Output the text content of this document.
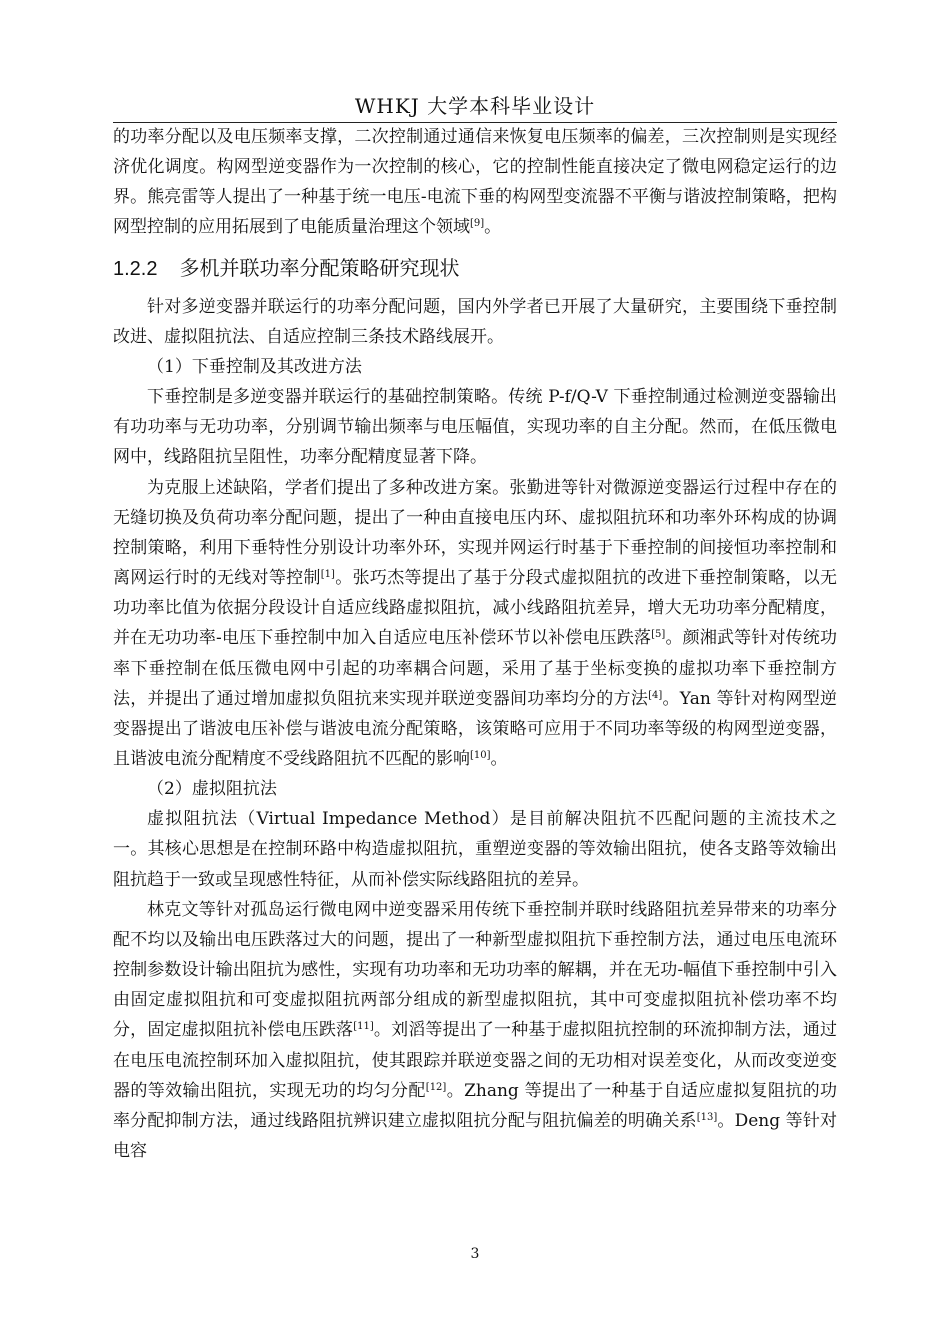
WHKJ 大学本科毕业设计

的功率分配以及电压频率支撑，二次控制通过通信来恢复电压频率的偏差，三次控制则是实现经济优化调度。构网型逆变器作为一次控制的核心，它的控制性能直接决定了微电网稳定运行的边界。熊亮雷等人提出了一种基于统一电压-电流下垂的构网型变流器不平衡与谐波控制策略，把构网型控制的应用拓展到了电能质量治理这个领域[9]。

1.2.2 多机并联功率分配策略研究现状

针对多逆变器并联运行的功率分配问题，国内外学者已开展了大量研究，主要围绕下垂控制改进、虚拟阻抗法、自适应控制三条技术路线展开。

（1）下垂控制及其改进方法

下垂控制是多逆变器并联运行的基础控制策略。传统 P-f/Q-V 下垂控制通过检测逆变器输出有功功率与无功功率，分别调节输出频率与电压幅值，实现功率的自主分配。然而，在低压微电网中，线路阻抗呈阻性，功率分配精度显著下降。

为克服上述缺陷，学者们提出了多种改进方案。张勤进等针对微源逆变器运行过程中存在的无缝切换及负荷功率分配问题，提出了一种由直接电压内环、虚拟阻抗环和功率外环构成的协调控制策略，利用下垂特性分别设计功率外环，实现并网运行时基于下垂控制的间接恒功率控制和离网运行时的无线对等控制[1]。张巧杰等提出了基于分段式虚拟阻抗的改进下垂控制策略，以无功功率比值为依据分段设计自适应线路虚拟阻抗，减小线路阻抗差异，增大无功功率分配精度，并在无功功率-电压下垂控制中加入自适应电压补偿环节以补偿电压跌落[5]。颜湘武等针对传统功率下垂控制在低压微电网中引起的功率耦合问题，采用了基于坐标变换的虚拟功率下垂控制方法，并提出了通过增加虚拟负阻抗来实现并联逆变器间功率均分的方法[4]。Yan 等针对构网型逆变器提出了谐波电压补偿与谐波电流分配策略，该策略可应用于不同功率等级的构网型逆变器，且谐波电流分配精度不受线路阻抗不匹配的影响[10]。

（2）虚拟阻抗法

虚拟阻抗法（Virtual Impedance Method）是目前解决阻抗不匹配问题的主流技术之一。其核心思想是在控制环路中构造虚拟阻抗，重塑逆变器的等效输出阻抗，使各支路等效输出阻抗趋于一致或呈现感性特征，从而补偿实际线路阻抗的差异。

林克文等针对孤岛运行微电网中逆变器采用传统下垂控制并联时线路阻抗差异带来的功率分配不均以及输出电压跌落过大的问题，提出了一种新型虚拟阻抗下垂控制方法，通过电压电流环控制参数设计输出阻抗为感性，实现有功功率和无功功率的解耦，并在无功-幅值下垂控制中引入由固定虚拟阻抗和可变虚拟阻抗两部分组成的新型虚拟阻抗，其中可变虚拟阻抗补偿功率不均分，固定虚拟阻抗补偿电压跌落[11]。刘滔等提出了一种基于虚拟阻抗控制的环流抑制方法，通过在电压电流控制环加入虚拟阻抗，使其跟踪并联逆变器之间的无功相对误差变化，从而改变逆变器的等效输出阻抗，实现无功的均匀分配[12]。Zhang 等提出了一种基于自适应虚拟复阻抗的功率分配抑制方法，通过线路阻抗辨识建立虚拟阻抗分配与阻抗偏差的明确关系[13]。Deng 等针对电容

3
